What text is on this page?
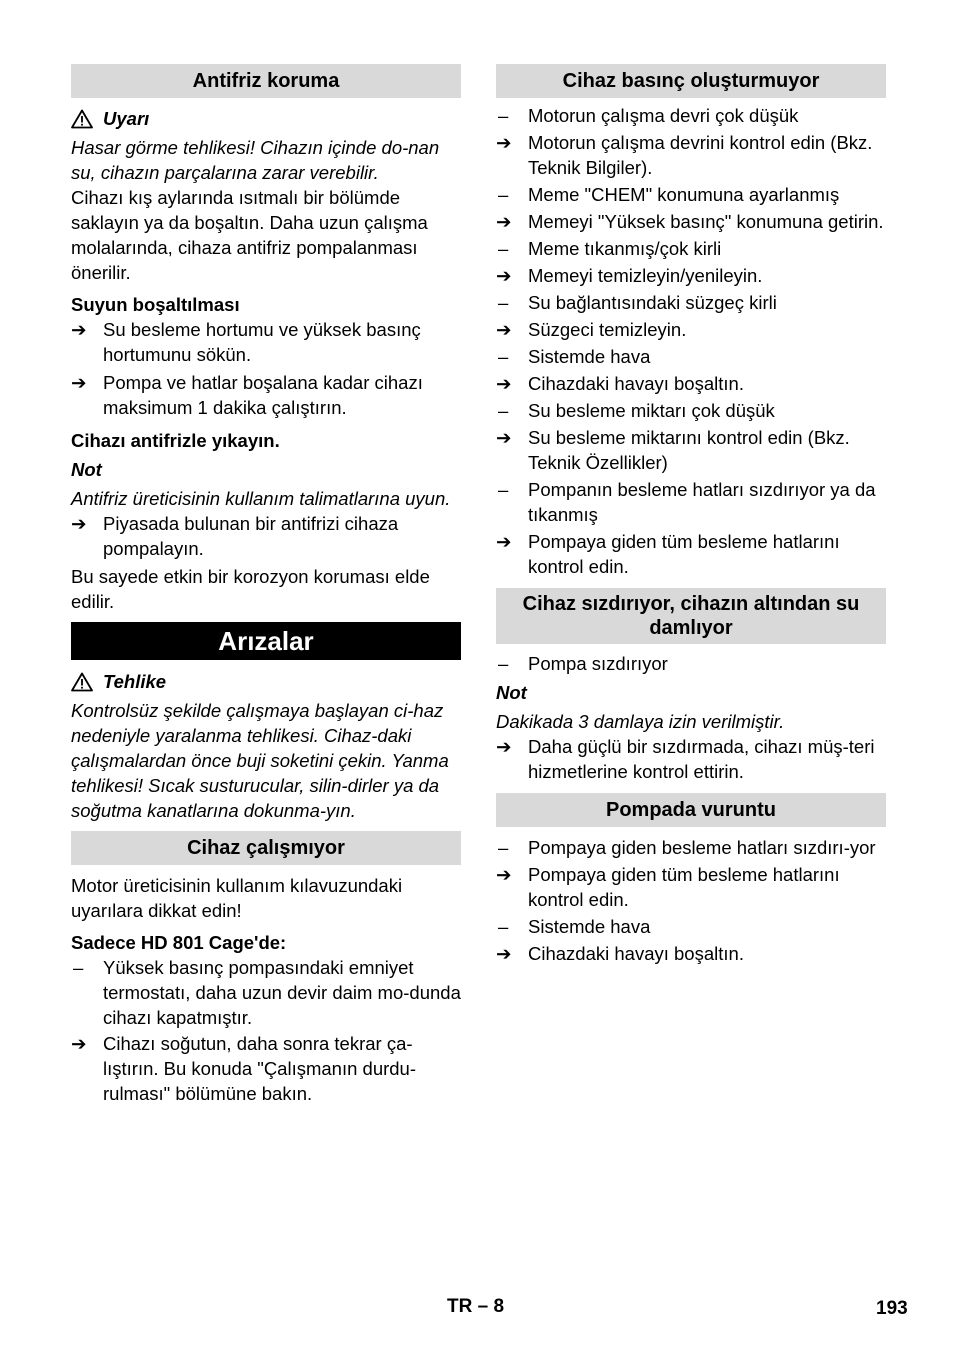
Antifriz koruma
Uyarı

Hasar görme tehlikesi! Cihazın içinde do-nan su, cihazın parçalarına zarar verebilir.

Cihazı kış aylarında ısıtmalı bir bölümde saklayın ya da boşaltın. Daha uzun çalışma molalarında, cihaza antifriz pompalanması önerilir.

Suyun boşaltılması

➔ Su besleme hortumu ve yüksek basınç hortumunu sökün.
➔ Pompa ve hatlar boşalana kadar cihazı maksimum 1 dakika çalıştırın.

Cihazı antifrizle yıkayın.

Not

Antifriz üreticisinin kullanım talimatlarına uyun.

➔ Piyasada bulunan bir antifrizi cihaza pompalayın.

Bu sayede etkin bir korozyon koruması elde edilir.

Arızalar
Tehlike

Kontrolsüz şekilde çalışmaya başlayan ci-haz nedeniyle yaralanma tehlikesi. Cihaz-daki çalışmalardan önce buji soketini çekin. Yanma tehlikesi! Sıcak susturucular, silin-dirler ya da soğutma kanatlarına dokunma-yın.

Cihaz çalışmıyor

Motor üreticisinin kullanım kılavuzundaki uyarılara dikkat edin!

Sadece HD 801 Cage'de:

–	Yüksek basınç pompasındaki emniyet termostatı, daha uzun devir daim mo-dunda cihazı kapatmıştır.
➔ Cihazı soğutun, daha sonra tekrar ça-lıştırın. Bu konuda "Çalışmanın durdu-rulması" bölümüne bakın.
Cihaz basınç oluşturmuyor
–	Motorun çalışma devri çok düşük
➔ Motorun çalışma devrini kontrol edin (Bkz. Teknik Bilgiler).
–	Meme "CHEM" konumuna ayarlanmış
➔ Memeyi "Yüksek basınç" konumuna getirin.
–	Meme tıkanmış/çok kirli
➔ Memeyi temizleyin/yenileyin.
–	Su bağlantısındaki süzgeç kirli
➔ Süzgeci temizleyin.
–	Sistemde hava
➔ Cihazdaki havayı boşaltın.
–	Su besleme miktarı çok düşük
➔ Su besleme miktarını kontrol edin (Bkz. Teknik Özellikler)
–	Pompanın besleme hatları sızdırıyor ya da tıkanmış
➔ Pompaya giden tüm besleme hatlarını kontrol edin.
Cihaz sızdırıyor, cihazın altından su damlıyor
–	Pompa sızdırıyor

Not

Dakikada 3 damlaya izin verilmiştir.

➔ Daha güçlü bir sızdırmada, cihazı müş-teri hizmetlerine kontrol ettirin.
Pompada vuruntu
–	Pompaya giden besleme hatları sızdırı-yor
➔ Pompaya giden tüm besleme hatlarını kontrol edin.
–	Sistemde hava
➔ Cihazdaki havayı boşaltın.
TR – 8	193
